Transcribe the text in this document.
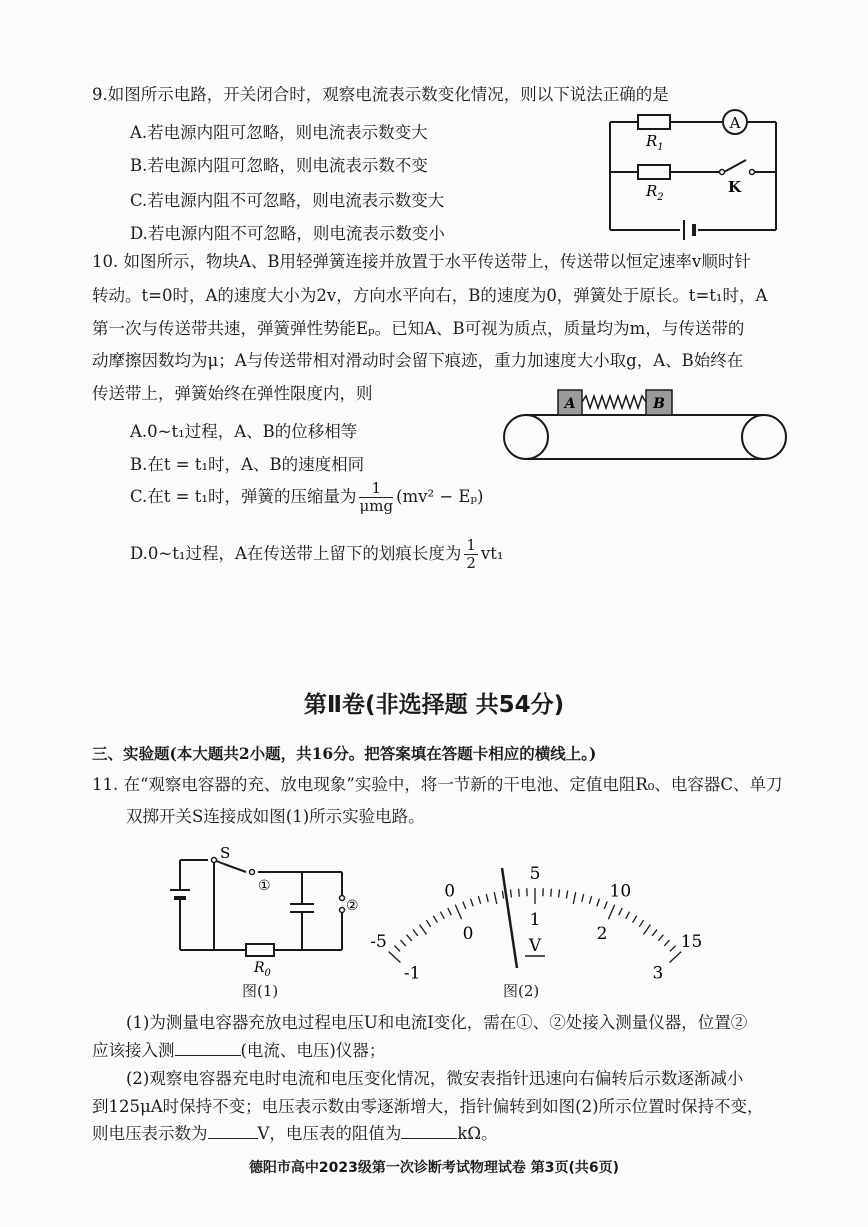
9.如图所示电路，开关闭合时，观察电流表示数变化情况，则以下说法正确的是
A.若电源内阻可忽略，则电流表示数变大
B.若电源内阻可忽略，则电流表示数不变
C.若电源内阻不可忽略，则电流表示数变大
D.若电源内阻不可忽略，则电流表示数变小
A
$R_1$
$R_2$
K
10. 如图所示，物块A、B用轻弹簧连接并放置于水平传送带上，传送带以恒定速率v顺时针
转动。t=0时，A的速度大小为2v，方向水平向右，B的速度为0，弹簧处于原长。t=t₁时，A
第一次与传送带共速，弹簧弹性势能Eₚ。已知A、B可视为质点，质量均为m，与传送带的
动摩擦因数均为μ；A与传送带相对滑动时会留下痕迹，重力加速度大小取g，A、B始终在
传送带上，弹簧始终在弹性限度内，则
A.0~t₁过程，A、B的位移相等
B.在t = t₁时，A、B的速度相同
C.在t = t₁时，弹簧的压缩量为 $\frac{1}{\text{μmg}} (mv^2 - E_p)$
D.0~t₁过程，A在传送带上留下的划痕长度为 $\frac{1}{2} vt_1$
A	B
第Ⅱ卷(非选择题 共54分)
三、实验题(本大题共2小题，共16分。把答案填在答题卡相应的横线上。)
11. 在“观察电容器的充、放电现象”实验中，将一节新的干电池、定值电阻R₀、电容器C、单刀
双掷开关S连接成如图(1)所示实验电路。
S
①
②
$R_0$
图(1)
-5
0
5
10
15
-1
0
1
2
3
V
图(2)
(1)为测量电容器充放电过程电压U和电流I变化，需在①、②处接入测量仪器，位置②
应该接入测	(电流、电压)仪器；
(2)观察电容器充电时电流和电压变化情况，微安表指针迅速向右偏转后示数逐渐减小
到125μA时保持不变；电压表示数由零逐渐增大，指针偏转到如图(2)所示位置时保持不变，
则电压表示数为	V，电压表的阻值为	kΩ。
德阳市高中2023级第一次诊断考试物理试卷 第3页(共6页)
